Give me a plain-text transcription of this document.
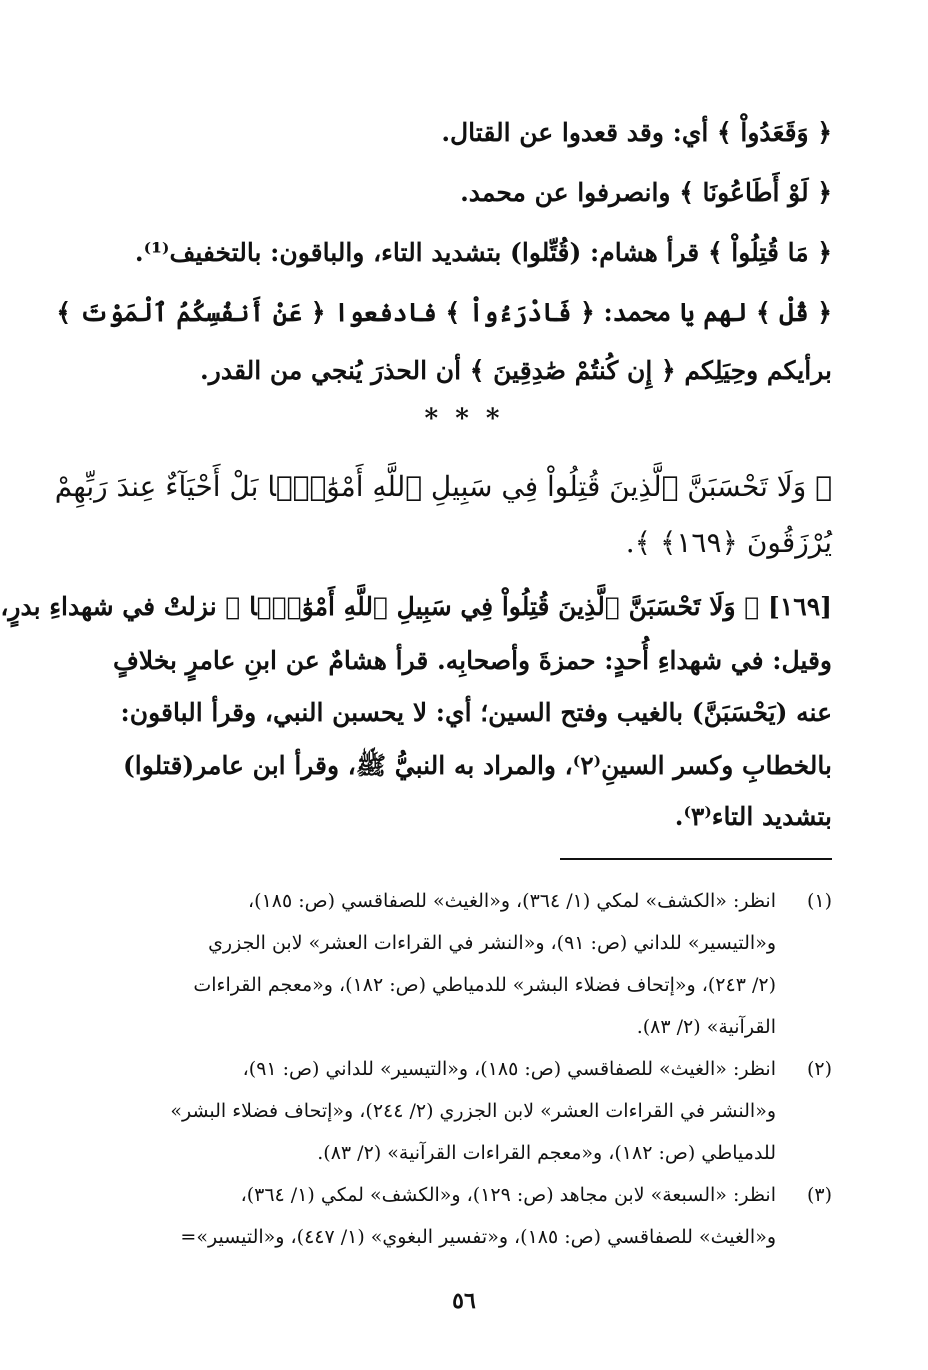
﴿ وَقَعَدُواْ ﴾ أي: وقد قعدوا عن القتال.
﴿ لَوْ أَطَاعُونَا ﴾ وانصرفوا عن محمد.
﴿ مَا قُتِلُواْ ﴾ قرأ هشام: (قُتِّلوا) بتشديد التاء، والباقون: بالتخفيف⁽¹⁾.
﴿ قُلْ ﴾ لهم يا محمد: ﴿ فَادْرَءُواْ ﴾ فادفعوا ﴿ عَنْ أَنفُسِكُمُ ٱلْمَوْتَ ﴾
برأيكم وحِيَلِكم ﴿ إِن كُنتُمْ صَٰدِقِينَ ﴾ أن الحذرَ يُنجي من القدر.
* * *
﴿ وَلَا تَحْسَبَنَّ ٱلَّذِينَ قُتِلُواْ فِي سَبِيلِ ٱللَّهِ أَمْوَٰتًۢا بَلْ أَحْيَآءٌ عِندَ رَبِّهِمْ
يُرْزَقُونَ ﴿١٦٩﴾ ﴾.
[١٦٩] ﴿ وَلَا تَحْسَبَنَّ ٱلَّذِينَ قُتِلُواْ فِي سَبِيلِ ٱللَّهِ أَمْوَٰتًۢا ﴾ نزلتْ في شهداءِ بدرٍ،
وقيل: في شهداءِ أُحدٍ: حمزةَ وأصحابِه. قرأ هشامٌ عن ابنِ عامرٍ بخلافٍ
عنه (يَحْسَبَنَّ) بالغيب وفتح السين؛ أي: لا يحسبن النبي، وقرأ الباقون:
بالخطابِ وكسر السينِ⁽٢⁾، والمراد به النبيُّ ﷺ، وقرأ ابن عامر(قتلوا)
بتشديد التاء⁽٣⁾.
(١)
انظر: «الكشف» لمكي (١/ ٣٦٤)، و«الغيث» للصفاقسي (ص: ١٨٥)،
و«التيسير» للداني (ص: ٩١)، و«النشر في القراءات العشر» لابن الجزري
(٢/ ٢٤٣)، و«إتحاف فضلاء البشر» للدمياطي (ص: ١٨٢)، و«معجم القراءات
القرآنية» (٢/ ٨٣).
(٢)
انظر: «الغيث» للصفاقسي (ص: ١٨٥)، و«التيسير» للداني (ص: ٩١)،
و«النشر في القراءات العشر» لابن الجزري (٢/ ٢٤٤)، و«إتحاف فضلاء البشر»
للدمياطي (ص: ١٨٢)، و«معجم القراءات القرآنية» (٢/ ٨٣).
(٣)
انظر: «السبعة» لابن مجاهد (ص: ١٢٩)، و«الكشف» لمكي (١/ ٣٦٤)،
و«الغيث» للصفاقسي (ص: ١٨٥)، و«تفسير البغوي» (١/ ٤٤٧)، و«التيسير»=
٥٦
